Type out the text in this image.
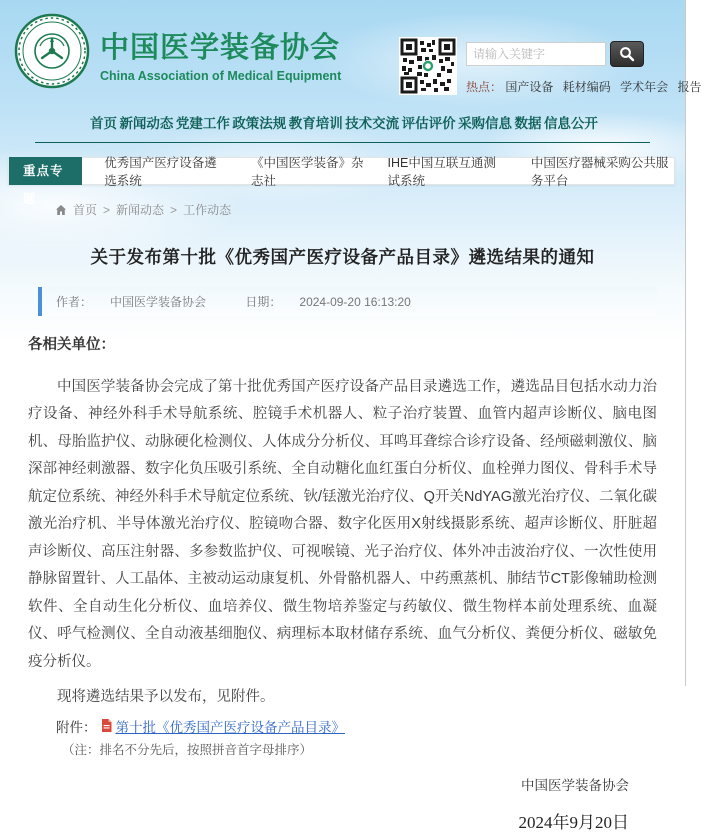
中国医学装备协会
China Association of Medical Equipment
请输入关键字
热点： 国产设备 耗材编码 学术年会 报告
首页 新闻动态 党建工作 政策法规 教育培训 技术交流 评估评价 采购信息 数据 信息公开
重点专题
优秀国产医疗设备遴选系统
《中国医学装备》杂志社
IHE中国互联互通测试系统
中国医疗器械采购公共服务平台
首页 > 新闻动态 > 工作动态
关于发布第十批《优秀国产医疗设备产品目录》遴选结果的通知
作者： 中国医学装备协会	日期： 2024-09-20 16:13:20

各相关单位：

中国医学装备协会完成了第十批优秀国产医疗设备产品目录遴选工作，遴选品目包括水动力治疗设备、神经外科手术导航系统、腔镜手术机器人、粒子治疗装置、血管内超声诊断仪、脑电图机、母胎监护仪、动脉硬化检测仪、人体成分分析仪、耳鸣耳聋综合诊疗设备、经颅磁刺激仪、脑深部神经刺激器、数字化负压吸引系统、全自动糖化血红蛋白分析仪、血栓弹力图仪、骨科手术导航定位系统、神经外科手术导航定位系统、钬/铥激光治疗仪、Q开关NdYAG激光治疗仪、二氧化碳激光治疗机、半导体激光治疗仪、腔镜吻合器、数字化医用X射线摄影系统、超声诊断仪、肝脏超声诊断仪、高压注射器、多参数监护仪、可视喉镜、光子治疗仪、体外冲击波治疗仪、一次性使用静脉留置针、人工晶体、主被动运动康复机、外骨骼机器人、中药熏蒸机、肺结节CT影像辅助检测软件、全自动生化分析仪、血培养仪、微生物培养鉴定与药敏仪、微生物样本前处理系统、血凝仪、呼气检测仪、全自动液基细胞仪、病理标本取材储存系统、血气分析仪、粪便分析仪、磁敏免疫分析仪。

现将遴选结果予以发布，见附件。

附件： 第十批《优秀国产医疗设备产品目录》
（注：排名不分先后，按照拼音首字母排序）
中国医学装备协会
2024年9月20日
